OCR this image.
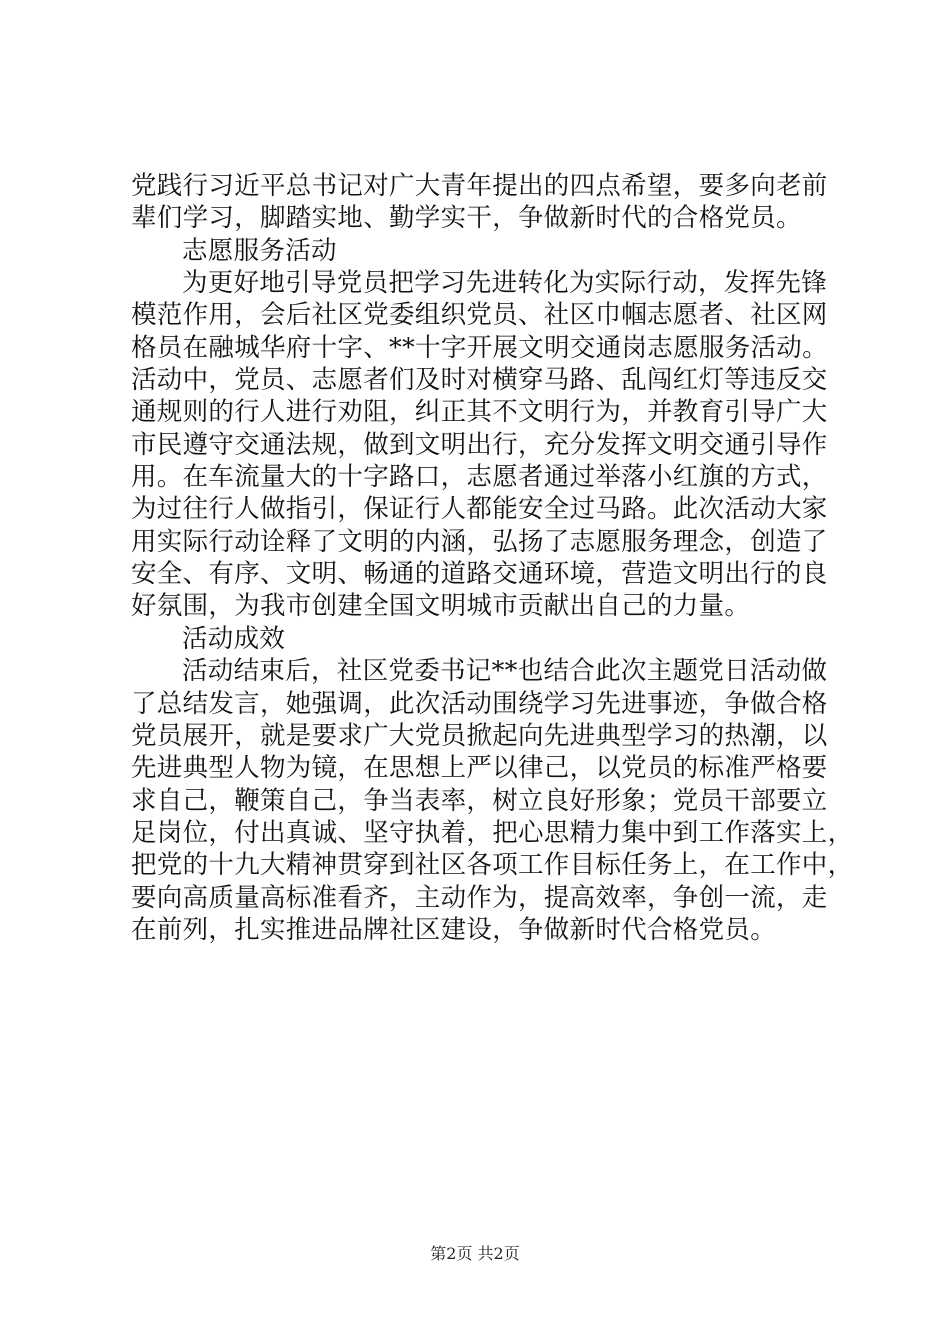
党践行习近平总书记对广大青年提出的四点希望，要多向老前
辈们学习，脚踏实地、勤学实干，争做新时代的合格党员。
志愿服务活动
为更好地引导党员把学习先进转化为实际行动，发挥先锋
模范作用，会后社区党委组织党员、社区巾帼志愿者、社区网
格员在融城华府十字、**十字开展文明交通岗志愿服务活动。
活动中，党员、志愿者们及时对横穿马路、乱闯红灯等违反交
通规则的行人进行劝阻，纠正其不文明行为，并教育引导广大
市民遵守交通法规，做到文明出行，充分发挥文明交通引导作
用。在车流量大的十字路口，志愿者通过举落小红旗的方式，
为过往行人做指引，保证行人都能安全过马路。此次活动大家
用实际行动诠释了文明的内涵，弘扬了志愿服务理念，创造了
安全、有序、文明、畅通的道路交通环境，营造文明出行的良
好氛围，为我市创建全国文明城市贡献出自己的力量。
活动成效
活动结束后，社区党委书记**也结合此次主题党日活动做
了总结发言，她强调，此次活动围绕学习先进事迹，争做合格
党员展开，就是要求广大党员掀起向先进典型学习的热潮，以
先进典型人物为镜，在思想上严以律己，以党员的标准严格要
求自己，鞭策自己，争当表率，树立良好形象；党员干部要立
足岗位，付出真诚、坚守执着，把心思精力集中到工作落实上，
把党的十九大精神贯穿到社区各项工作目标任务上，在工作中，
要向高质量高标准看齐，主动作为，提高效率，争创一流，走
在前列，扎实推进品牌社区建设，争做新时代合格党员。
第2页 共2页
